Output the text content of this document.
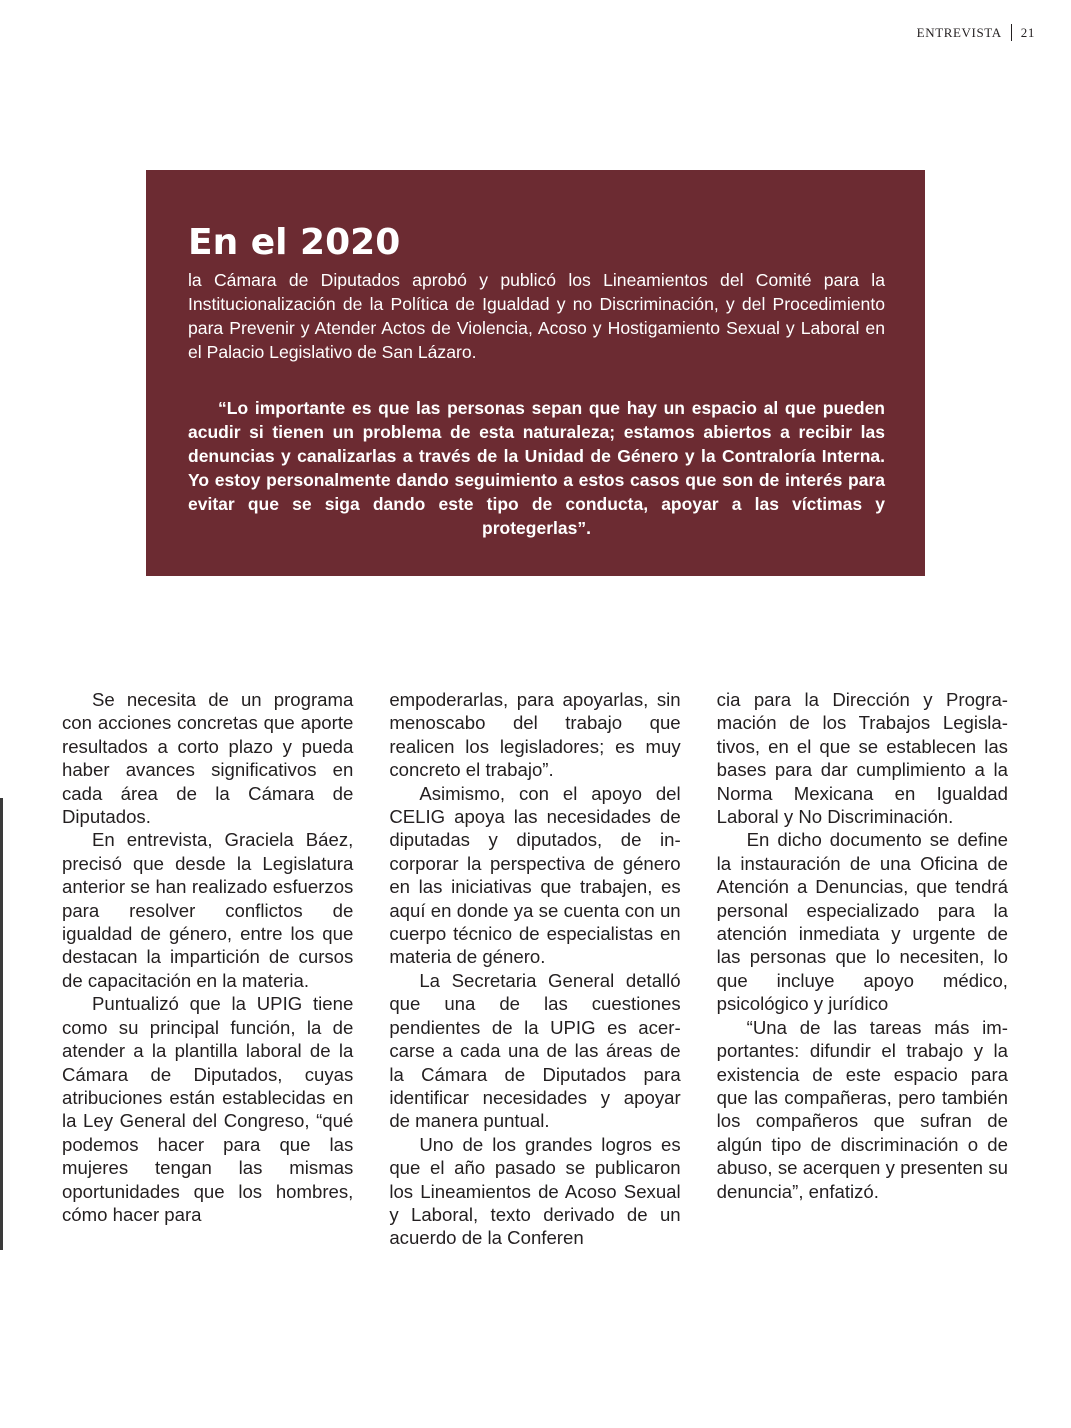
ENTREVISTA 21
En el 2020

la Cámara de Diputados aprobó y publicó los Lineamientos del Comité para la Institucionalización de la Política de Igualdad y no Discriminación, y del Procedimiento para Prevenir y Atender Actos de Violencia, Acoso y Hostigamiento Sexual y Laboral en el Palacio Legislativo de San Lázaro.

“Lo importante es que las personas sepan que hay un espacio al que pueden acudir si tienen un problema de esta naturaleza; estamos abiertos a recibir las denuncias y canalizarlas a través de la Unidad de Género y la Contraloría Interna. Yo estoy personalmente dando seguimiento a estos casos que son de interés para evitar que se siga dando este tipo de conducta, apoyar a las víctimas y protegerlas”.

Se necesita de un programa con acciones concretas que aporte resultados a corto plazo y pueda haber avances significativos en cada área de la Cámara de Diputados.

En entrevista, Graciela Báez, precisó que desde la Legislatura anterior se han realizado esfuerzos para resolver conflictos de igualdad de género, entre los que destacan la impartición de cursos de capacitación en la materia.

Puntualizó que la UPIG tiene como su principal función, la de atender a la plantilla laboral de la Cámara de Diputados, cuyas atribuciones están establecidas en la Ley General del Congreso, “qué podemos hacer para que las mujeres tengan las mismas oportunidades que los hombres, cómo hacer para

empoderarlas, para apoyarlas, sin menoscabo del trabajo que realicen los legisladores; es muy concreto el trabajo”.

Asimismo, con el apoyo del CELIG apoya las necesidades de diputadas y diputados, de incorporar la perspectiva de género en las iniciativas que trabajen, es aquí en donde ya se cuenta con un cuerpo técnico de especialistas en materia de género.

La Secretaria General detalló que una de las cuestiones pendientes de la UPIG es acercarse a cada una de las áreas de la Cámara de Diputados para identificar necesidades y apoyar de manera puntual.

Uno de los grandes logros es que el año pasado se publicaron los Lineamientos de Acoso Sexual y Laboral, texto derivado de un acuerdo de la Conferen

cia para la Dirección y Programación de los Trabajos Legislativos, en el que se establecen las bases para dar cumplimiento a la Norma Mexicana en Igualdad Laboral y No Discriminación.

En dicho documento se define la instauración de una Oficina de Atención a Denuncias, que tendrá personal especializado para la atención inmediata y urgente de las personas que lo necesiten, lo que incluye apoyo médico, psicológico y jurídico

“Una de las tareas más importantes: difundir el trabajo y la existencia de este espacio para que las compañeras, pero también los compañeros que sufran de algún tipo de discriminación o de abuso, se acerquen y presenten su denuncia”, enfatizó.
